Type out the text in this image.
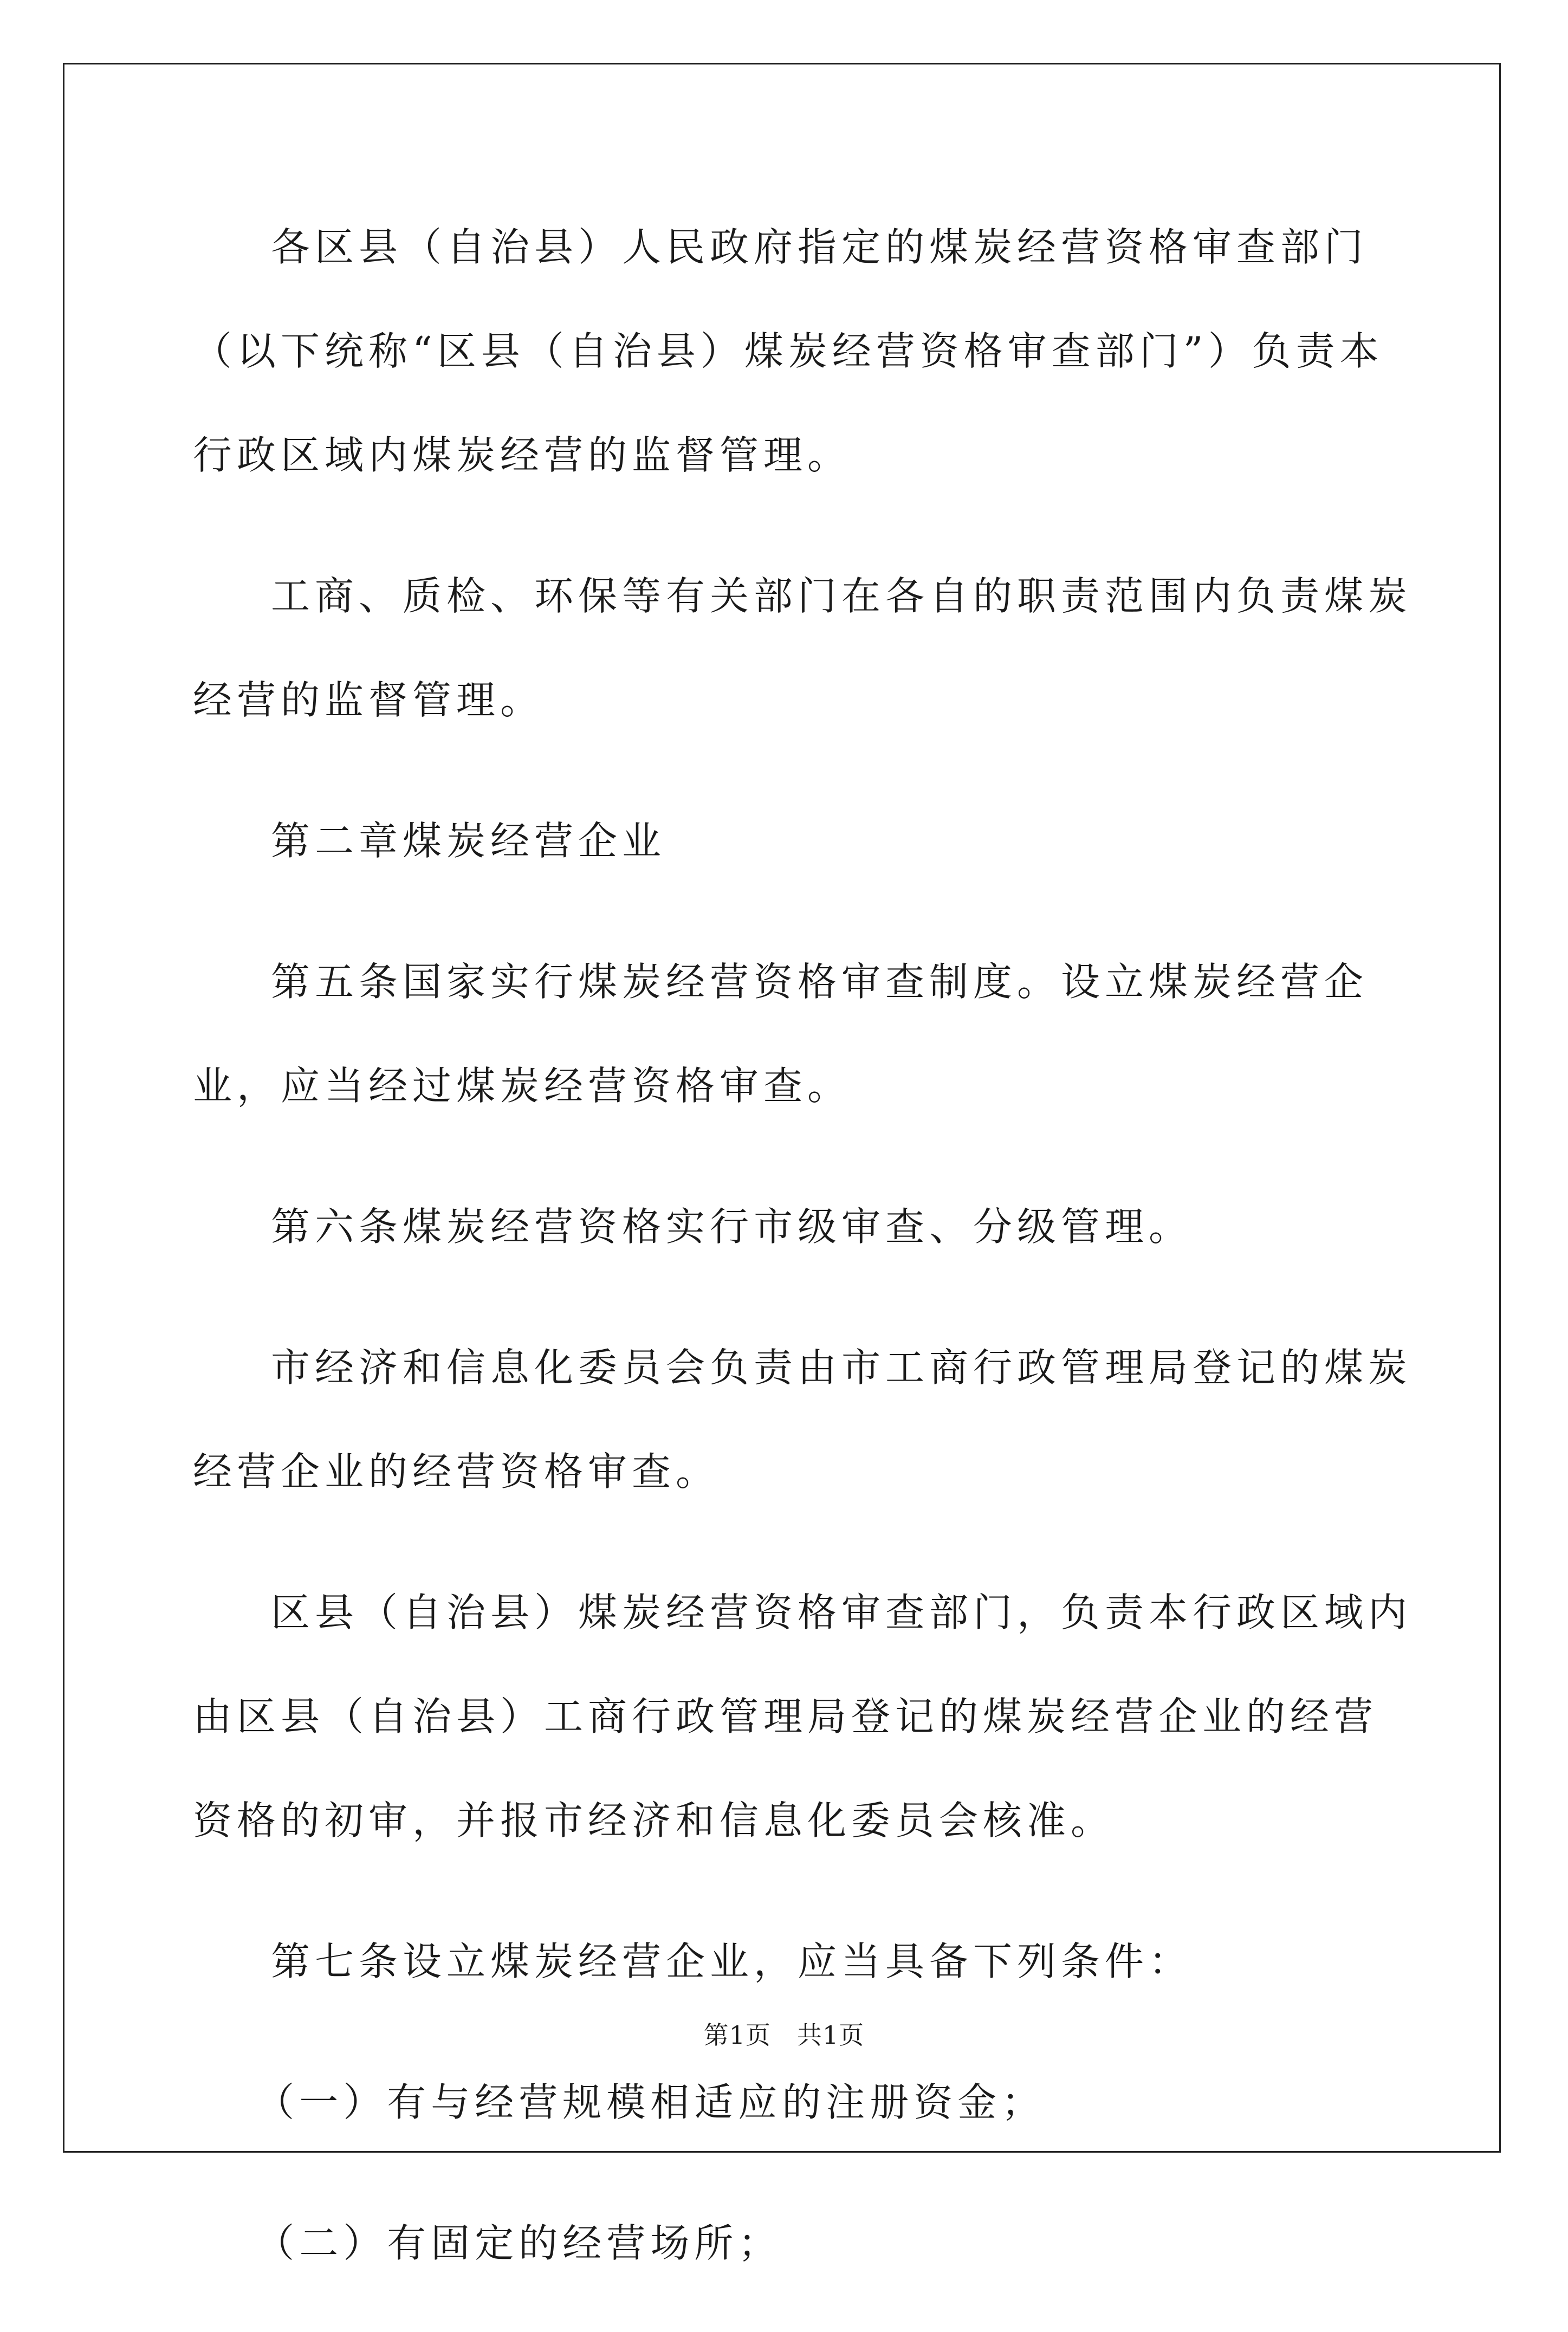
各区县（自治县）人民政府指定的煤炭经营资格审查部门（以下统称“区县（自治县）煤炭经营资格审查部门”）负责本行政区域内煤炭经营的监督管理。

工商、质检、环保等有关部门在各自的职责范围内负责煤炭经营的监督管理。

第二章煤炭经营企业

第五条国家实行煤炭经营资格审查制度。设立煤炭经营企业，应当经过煤炭经营资格审查。

第六条煤炭经营资格实行市级审查、分级管理。

市经济和信息化委员会负责由市工商行政管理局登记的煤炭经营企业的经营资格审查。

区县（自治县）煤炭经营资格审查部门，负责本行政区域内由区县（自治县）工商行政管理局登记的煤炭经营企业的经营资格的初审，并报市经济和信息化委员会核准。

第七条设立煤炭经营企业，应当具备下列条件：

（一）有与经营规模相适应的注册资金；

（二）有固定的经营场所；

第1页 共1页
